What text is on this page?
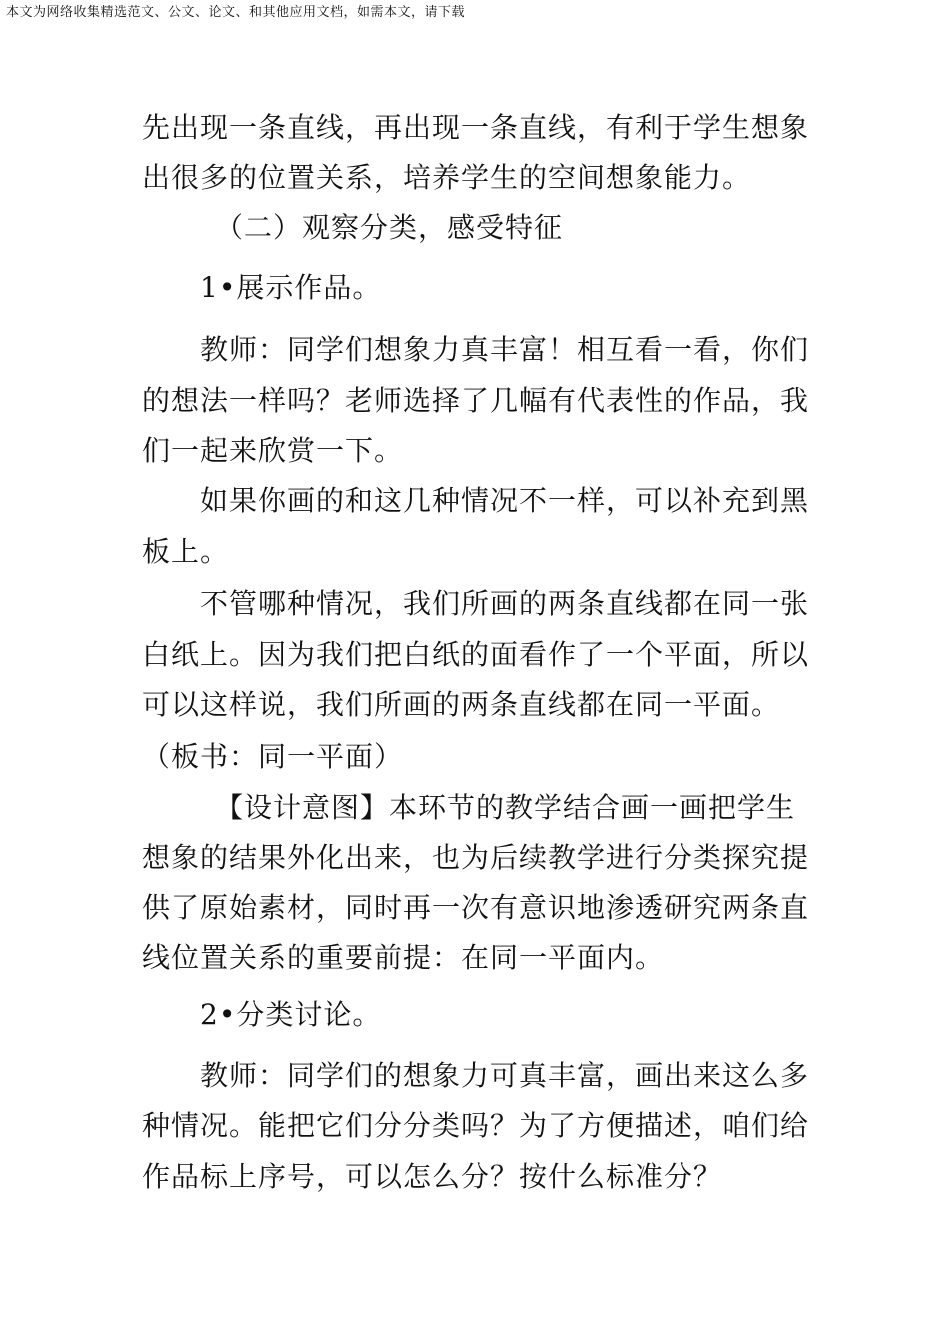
本文为网络收集精选范文、公文、论文、和其他应用文档，如需本文，请下载
先出现一条直线，再出现一条直线，有利于学生想象
出很多的位置关系，培养学生的空间想象能力。
（二）观察分类，感受特征
1•展示作品。
教师：同学们想象力真丰富！相互看一看，你们
的想法一样吗？老师选择了几幅有代表性的作品，我
们一起来欣赏一下。
如果你画的和这几种情况不一样，可以补充到黑
板上。
不管哪种情况，我们所画的两条直线都在同一张
白纸上。因为我们把白纸的面看作了一个平面，所以
可以这样说，我们所画的两条直线都在同一平面。
（板书：同一平面）
【设计意图】本环节的教学结合画一画把学生
想象的结果外化出来，也为后续教学进行分类探究提
供了原始素材，同时再一次有意识地渗透研究两条直
线位置关系的重要前提：在同一平面内。
2•分类讨论。
教师：同学们的想象力可真丰富，画出来这么多
种情况。能把它们分分类吗？为了方便描述，咱们给
作品标上序号，可以怎么分？按什么标准分？
